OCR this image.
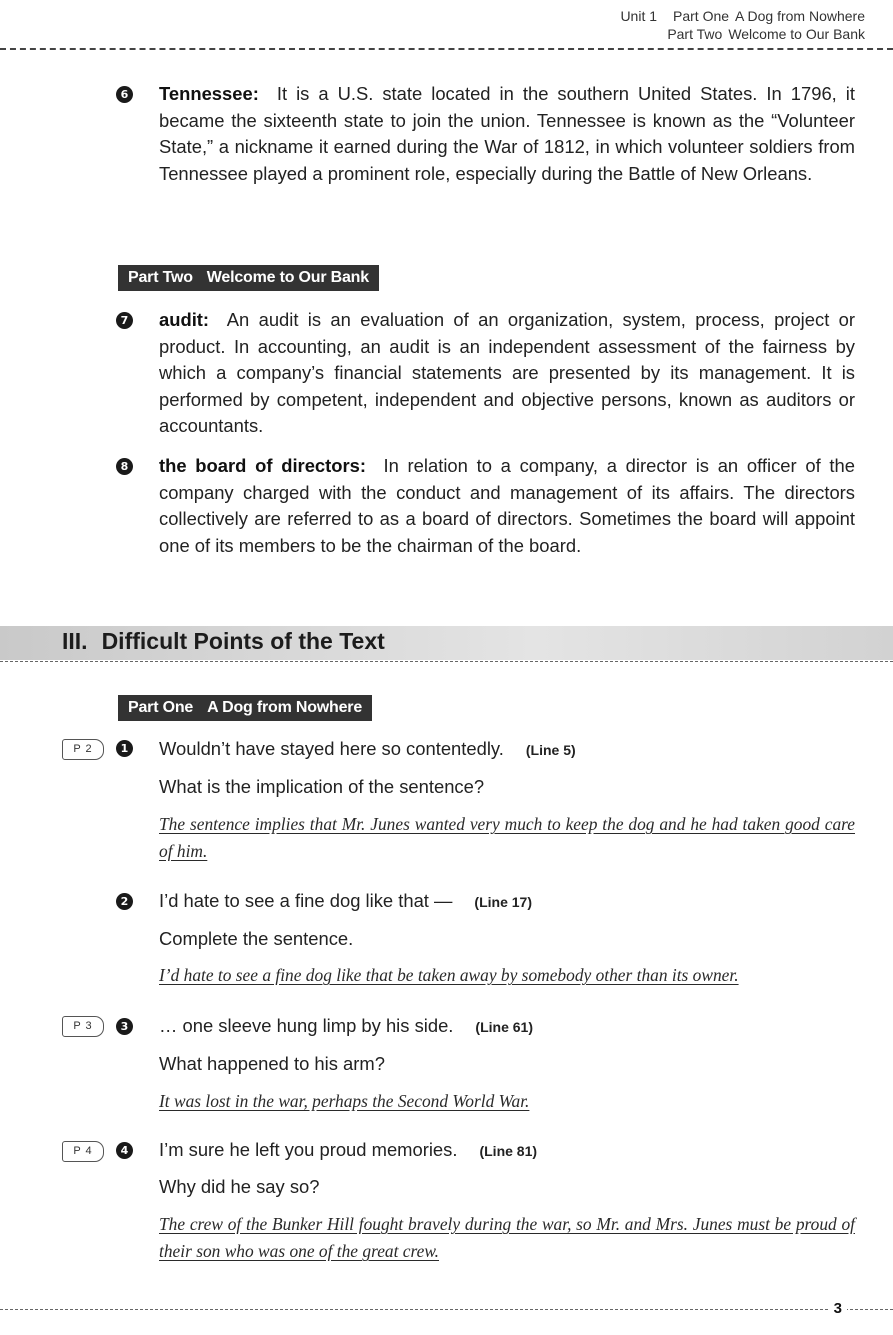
Unit 1 Part One A Dog from Nowhere
Part Two Welcome to Our Bank
6 Tennessee: It is a U.S. state located in the southern United States. In 1796, it became the sixteenth state to join the union. Tennessee is known as the “Volunteer State,” a nickname it earned during the War of 1812, in which volunteer soldiers from Tennessee played a prominent role, especially during the Battle of New Orleans.
Part Two Welcome to Our Bank
7 audit: An audit is an evaluation of an organization, system, process, project or product. In accounting, an audit is an independent assessment of the fairness by which a company’s financial statements are presented by its management. It is performed by competent, independent and objective persons, known as auditors or accountants.
8 the board of directors: In relation to a company, a director is an officer of the company charged with the conduct and management of its affairs. The directors collectively are referred to as a board of directors. Sometimes the board will appoint one of its members to be the chairman of the board.
III. Difficult Points of the Text
Part One A Dog from Nowhere
P 2	1 Wouldn’t have stayed here so contentedly. (Line 5)
What is the implication of the sentence?
The sentence implies that Mr. Junes wanted very much to keep the dog and he had taken good care of him.
2 I’d hate to see a fine dog like that — (Line 17)
Complete the sentence.
I’d hate to see a fine dog like that be taken away by somebody other than its owner.
P 3	3 … one sleeve hung limp by his side. (Line 61)
What happened to his arm?
It was lost in the war, perhaps the Second World War.
P 4	4 I’m sure he left you proud memories. (Line 81)
Why did he say so?
The crew of the Bunker Hill fought bravely during the war, so Mr. and Mrs. Junes must be proud of their son who was one of the great crew.
3
